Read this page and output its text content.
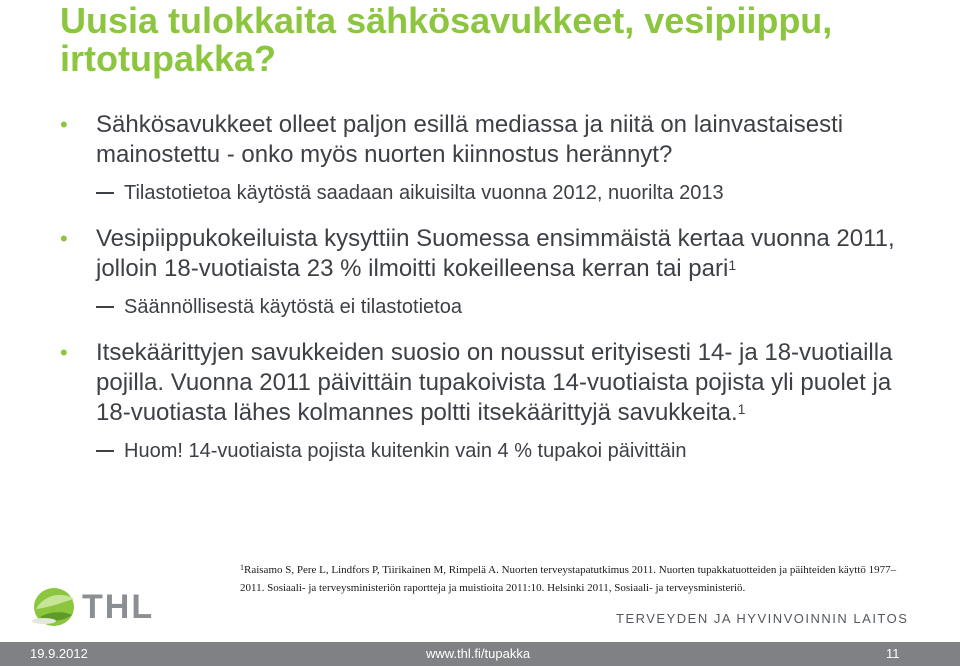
Uusia tulokkaita sähkösavukkeet, vesipiippu, irtotupakka?
• Sähkösavukkeet olleet paljon esillä mediassa ja niitä on lainvastaisesti mainostettu - onko myös nuorten kiinnostus herännyt?
Tilastotietoa käytöstä saadaan aikuisilta vuonna 2012, nuorilta 2013
• Vesipiippukokeiluista kysyttiin Suomessa ensimmäistä kertaa vuonna 2011, jolloin 18-vuotiaista 23 % ilmoitti kokeilleensa kerran tai pari$^1$
Säännöllisestä käytöstä ei tilastotietoa
• Itsekäärittyjen savukkeiden suosio on noussut erityisesti 14- ja 18-vuotiailla pojilla. Vuonna 2011 päivittäin tupakoivista 14-vuotiaista pojista yli puolet ja 18-vuotiasta lähes kolmannes poltti itsekäärittyjä savukkeita.$^1$
Huom! 14-vuotiaista pojista kuitenkin vain 4 % tupakoi päivittäin
$^1$Raisamo S, Pere L, Lindfors P, Tiirikainen M, Rimpelä A. Nuorten terveystapatutkimus 2011. Nuorten tupakkatuotteiden ja päihteiden käyttö 1977–2011. Sosiaali- ja terveysministeriön raportteja ja muistioita 2011:10. Helsinki 2011, Sosiaali- ja terveysministeriö.
THL	TERVEYDEN JA HYVINVOINNIN LAITOS
19.9.2012	www.thl.fi/tupakka	11
